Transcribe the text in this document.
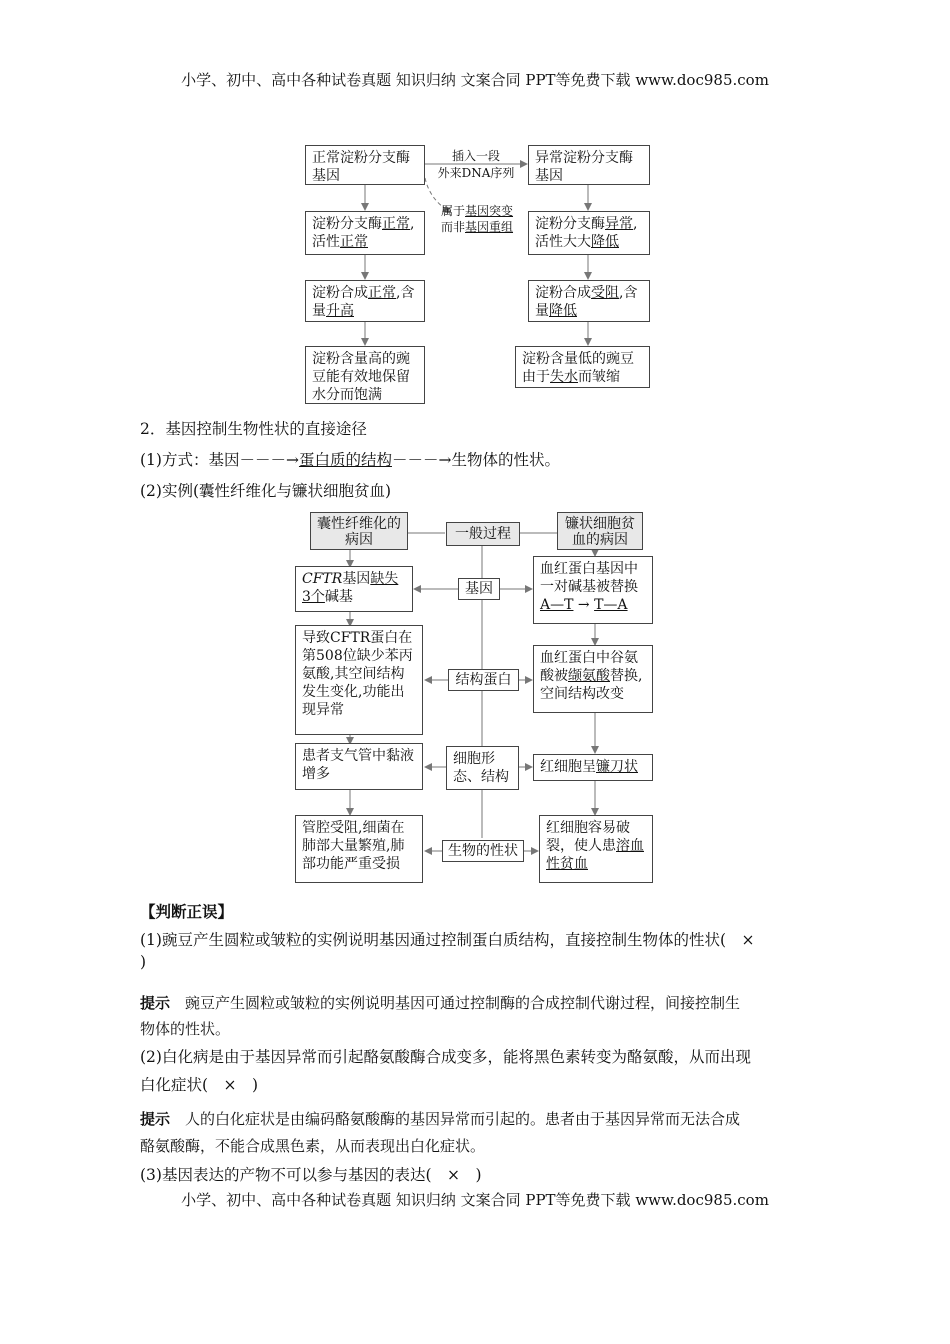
小学、初中、高中各种试卷真题 知识归纳 文案合同 PPT等免费下载 www.doc985.com
正常淀粉分支酶基因
异常淀粉分支酶基因
插入一段
外来DNA序列
属于基因突变
而非基因重组
淀粉分支酶正常,活性正常
淀粉分支酶异常,活性大大降低
淀粉合成正常,含量升高
淀粉合成受阻,含量降低
淀粉含量高的豌豆能有效地保留水分而饱满
淀粉含量低的豌豆由于失水而皱缩
2．基因控制生物性状的直接途径
(1)方式：基因－－－→蛋白质的结构－－－→生物体的性状。
(2)实例(囊性纤维化与镰状细胞贫血)
囊性纤维化的病因	一般过程
镰状细胞贫血的病因
基因
结构蛋白
细胞形态、结构
生物的性状
CFTR基因缺失
3个碱基
导致CFTR蛋白在第508位缺少苯丙氨酸,其空间结构发生变化,功能出现异常
患者支气管中黏液增多
管腔受阻,细菌在肺部大量繁殖,肺部功能严重受损
血红蛋白基因中一对碱基被替换
A—T → T—A
血红蛋白中谷氨酸被缬氨酸替换,空间结构改变
红细胞呈镰刀状
红细胞容易破裂，使人患溶血性贫血
【判断正误】
(1)豌豆产生圆粒或皱粒的实例说明基因通过控制蛋白质结构，直接控制生物体的性状(　×
)
提示　 豌豆产生圆粒或皱粒的实例说明基因可通过控制酶的合成控制代谢过程，间接控制生
物体的性状。
(2)白化病是由于基因异常而引起酪氨酸酶合成变多，能将黑色素转变为酪氨酸，从而出现
白化症状(　×　)
提示　 人的白化症状是由编码酪氨酸酶的基因异常而引起的。患者由于基因异常而无法合成
酪氨酸酶，不能合成黑色素，从而表现出白化症状。
(3)基因表达的产物不可以参与基因的表达(　×　)
小学、初中、高中各种试卷真题 知识归纳 文案合同 PPT等免费下载 www.doc985.com
